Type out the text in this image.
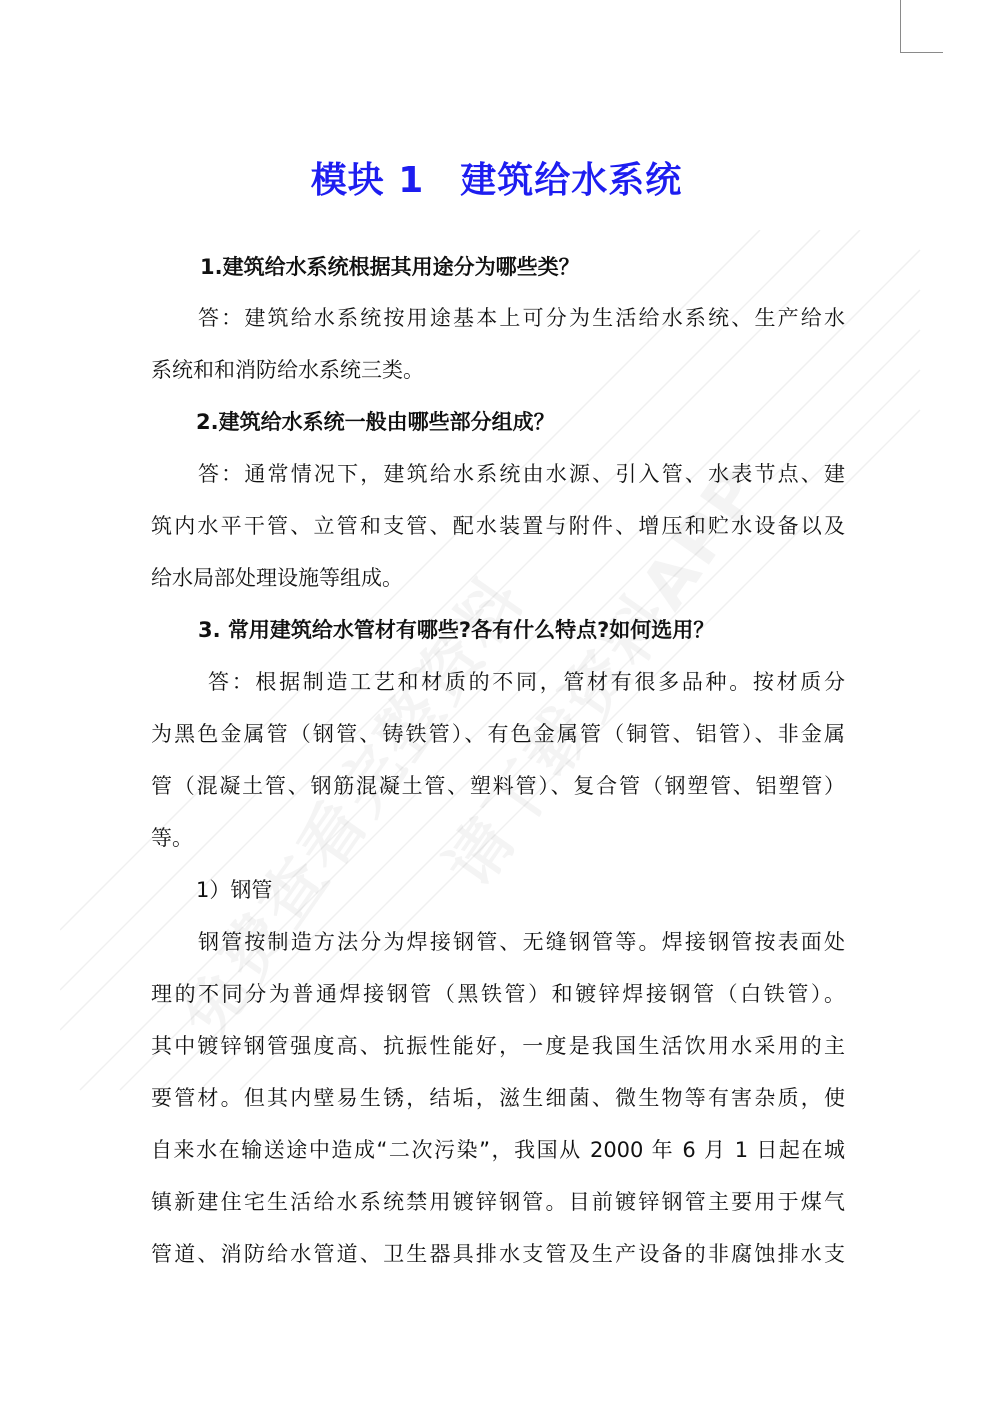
模块 1 建筑给水系统
1.建筑给水系统根据其用途分为哪些类？
答：建筑给水系统按用途基本上可分为生活给水系统、生产给水
系统和和消防给水系统三类。
2.建筑给水系统一般由哪些部分组成？
答：通常情况下，建筑给水系统由水源、引入管、水表节点、建
筑内水平干管、立管和支管、配水装置与附件、增压和贮水设备以及
给水局部处理设施等组成。
3. 常用建筑给水管材有哪些?各有什么特点?如何选用？
答：根据制造工艺和材质的不同，管材有很多品种。按材质分
为黑色金属管（钢管、铸铁管）、有色金属管（铜管、铝管）、非金属
管（混凝土管、钢筋混凝土管、塑料管）、复合管（钢塑管、铝塑管）
等。
1）钢管
钢管按制造方法分为焊接钢管、无缝钢管等。焊接钢管按表面处
理的不同分为普通焊接钢管（黑铁管）和镀锌焊接钢管（白铁管）。
其中镀锌钢管强度高、抗振性能好，一度是我国生活饮用水采用的主
要管材。但其内壁易生锈，结垢，滋生细菌、微生物等有害杂质，使
自来水在输送途中造成“二次污染”，我国从 2000 年 6 月 1 日起在城
镇新建住宅生活给水系统禁用镀锌钢管。目前镀锌钢管主要用于煤气
管道、消防给水管道、卫生器具排水支管及生产设备的非腐蚀排水支
